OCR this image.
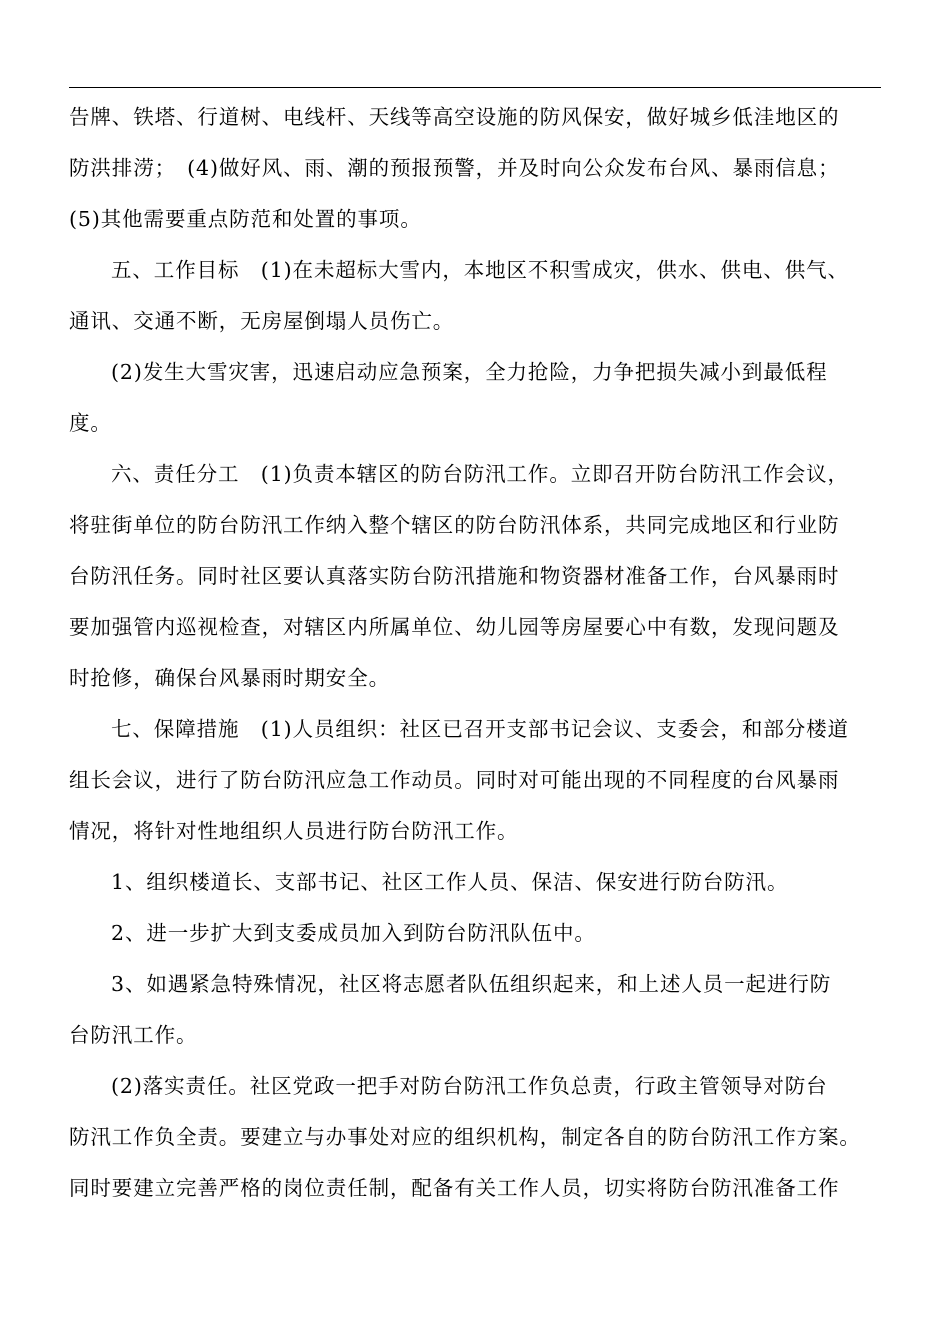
告牌、铁塔、行道树、电线杆、天线等高空设施的防风保安，做好城乡低洼地区的
防洪排涝；　(4)做好风、雨、潮的预报预警，并及时向公众发布台风、暴雨信息；
(5)其他需要重点防范和处置的事项。

五、工作目标　(1)在未超标大雪内，本地区不积雪成灾，供水、供电、供气、
通讯、交通不断，无房屋倒塌人员伤亡。

(2)发生大雪灾害，迅速启动应急预案，全力抢险，力争把损失减小到最低程
度。

六、责任分工　(1)负责本辖区的防台防汛工作。立即召开防台防汛工作会议，
将驻街单位的防台防汛工作纳入整个辖区的防台防汛体系，共同完成地区和行业防
台防汛任务。同时社区要认真落实防台防汛措施和物资器材准备工作，台风暴雨时
要加强管内巡视检查，对辖区内所属单位、幼儿园等房屋要心中有数，发现问题及
时抢修，确保台风暴雨时期安全。

七、保障措施　(1)人员组织：社区已召开支部书记会议、支委会，和部分楼道
组长会议，进行了防台防汛应急工作动员。同时对可能出现的不同程度的台风暴雨
情况，将针对性地组织人员进行防台防汛工作。

1、组织楼道长、支部书记、社区工作人员、保洁、保安进行防台防汛。

2、进一步扩大到支委成员加入到防台防汛队伍中。

3、如遇紧急特殊情况，社区将志愿者队伍组织起来，和上述人员一起进行防
台防汛工作。

(2)落实责任。社区党政一把手对防台防汛工作负总责，行政主管领导对防台
防汛工作负全责。要建立与办事处对应的组织机构，制定各自的防台防汛工作方案。
同时要建立完善严格的岗位责任制，配备有关工作人员，切实将防台防汛准备工作
